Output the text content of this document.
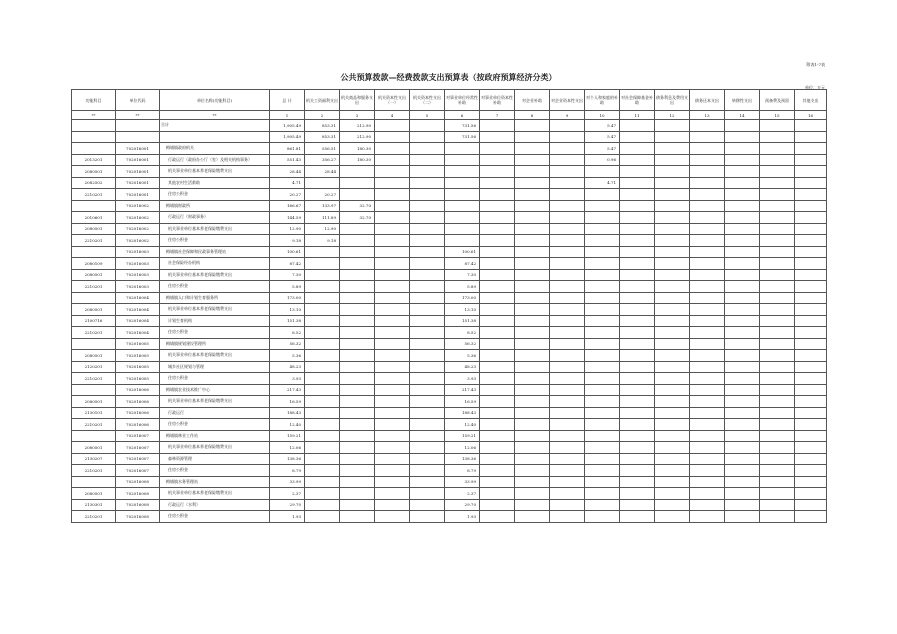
附表1-7表
公共预算拨款—经费拨款支出预算表（按政府预算经济分类）
单位：万元
功能科目	单位代码	单位名称(功能科目)	总 计	机关工资福利支出	机关商品和服务支出	机关资本性支出（一）	机关资本性支出（二）	对事业单位经常性补助	对事业单位资本性补助	对企业补助	对企业资本性支出	对个人和家庭的补助	对社会保障基金补助	债务利息及费用支出	债务还本支出	转移性支出	预备费及预留	其他支出
**	**	**	1	2	3	4	5	6	7	8	9	10	11	12	13	14	15	16
		合计	1,905.49	853.31	212.90			731.56				5.47						
			1,905.49	853.31	212.90			731.56				5.47						
	702016001	梅埔镇政府机关	861.81	556.51	180.30							5.47						
2013201	702016001	行政运行（政府办公厅（室）及相关机构事务）	551.43	356.27	180.30							0.96						
2080501	702016001	机关事业单位基本养老保险缴费支出	28.44	28.44														
2082502	702016001	其他农村生活救助	4.71									4.71						
2210201	702016001	住房公积金	20.27	20.27														
	702016002	梅埔镇财政所	166.67	133.97	32.70													
2010601	702016002	行政运行（财政事务）	144.59	111.89	32.70													
2080501	702016002	机关事业单位基本养老保险缴费支出	12.90	12.90														
2210201	702016002	住房公积金	9.18	9.18														
	702016003	梅埔镇社会保障和民政事务管理站	100.61					100.61										
2080109	702016003	社会保险经办机构	87.42					87.42										
2080501	702016003	机关事业单位基本养老保险缴费支出	7.30					7.30										
2210201	702016003	住房公积金	5.89					5.89										
	702016004	梅埔镇人口和计划生育服务所	173.00					173.00										
2080501	702016004	机关事业单位基本养老保险缴费支出	13.10					13.10										
2100716	702016004	计划生育机构	151.38					151.38										
2210201	702016004	住房公积金	8.52					8.52										
	702016005	梅埔镇规划建设管理所	56.32					56.32										
2080501	702016005	机关事业单位基本养老保险缴费支出	5.36					5.36										
2120201	702016005	城乡社区规划与管理	48.23					48.23										
2210201	702016005	住房公积金	3.93					3.93										
	702016006	梅埔镇农业技术推广中心	217.43					217.43										
2080501	702016006	机关事业单位基本养老保险缴费支出	16.59					16.59										
2130101	702016006	行政运行	188.43					188.43										
2210201	702016006	住房公积金	12.40					12.40										
	702016007	梅埔镇林业工作站	159.21					159.21										
2080501	702016007	机关事业单位基本养老保险缴费支出	12.06					12.06										
2130207	702016007	森林资源管理	138.36					138.36										
2210201	702016007	住房公积金	8.79					8.79										
	702016008	梅埔镇水务管理站	33.99					33.99										
2080501	702016008	机关事业单位基本养老保险缴费支出	2.37					2.37										
2130301	702016008	行政运行（水利）	29.70					29.70										
2210201	702016008	住房公积金	1.93					1.93										
